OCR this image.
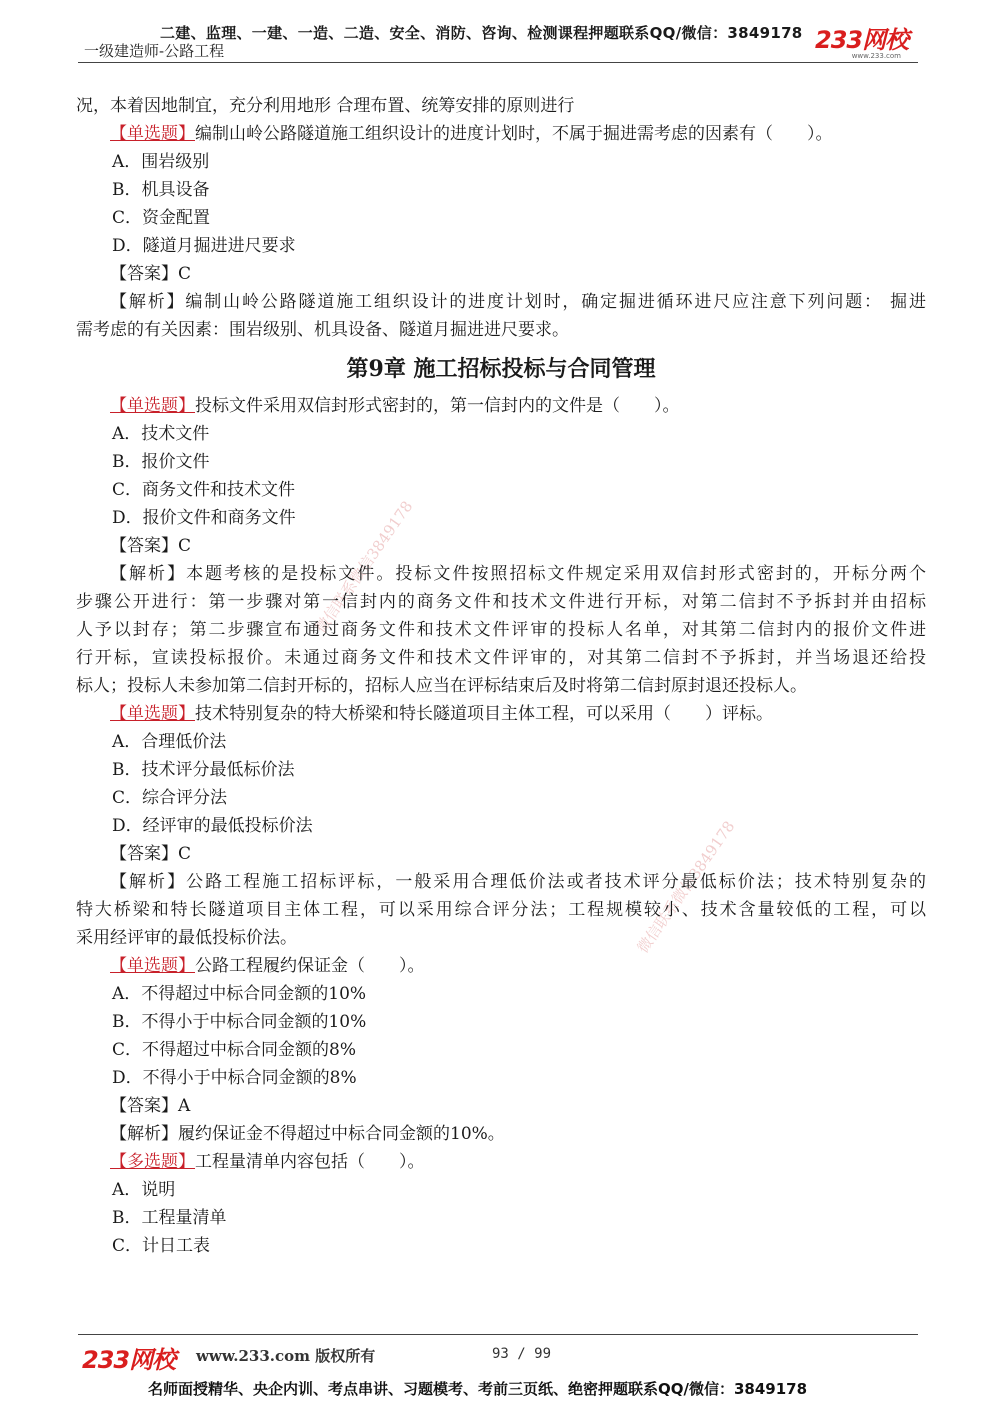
二建、监理、一建、一造、二造、安全、消防、咨询、检测课程押题联系QQ/微信：3849178
一级建造师-公路工程	233网校
www.233.com
微信联系微信3849178
微信联系微信3849178
况，本着因地制宜，充分利用地形 合理布置、统筹安排的原则进行
【单选题】编制山岭公路隧道施工组织设计的进度计划时，不属于掘进需考虑的因素有（　　）。
A．围岩级别
B．机具设备
C．资金配置
D．隧道月掘进进尺要求
【答案】C
【解析】编制山岭公路隧道施工组织设计的进度计划时，确定掘进循环进尺应注意下列问题： 掘进
需考虑的有关因素：围岩级别、机具设备、隧道月掘进进尺要求。
第9章 施工招标投标与合同管理
【单选题】投标文件采用双信封形式密封的，第一信封内的文件是（　　）。
A．技术文件
B．报价文件
C．商务文件和技术文件
D．报价文件和商务文件
【答案】C
【解析】本题考核的是投标文件。投标文件按照招标文件规定采用双信封形式密封的，开标分两个
步骤公开进行：第一步骤对第一信封内的商务文件和技术文件进行开标，对第二信封不予拆封并由招标
人予以封存；第二步骤宣布通过商务文件和技术文件评审的投标人名单，对其第二信封内的报价文件进
行开标，宣读投标报价。未通过商务文件和技术文件评审的，对其第二信封不予拆封，并当场退还给投
标人；投标人未参加第二信封开标的，招标人应当在评标结束后及时将第二信封原封退还投标人。
【单选题】技术特别复杂的特大桥梁和特长隧道项目主体工程，可以采用（　　）评标。
A．合理低价法
B．技术评分最低标价法
C．综合评分法
D．经评审的最低投标价法
【答案】C
【解析】公路工程施工招标评标，一般采用合理低价法或者技术评分最低标价法；技术特别复杂的
特大桥梁和特长隧道项目主体工程，可以采用综合评分法；工程规模较小、技术含量较低的工程，可以
采用经评审的最低投标价法。
【单选题】公路工程履约保证金（　　）。
A．不得超过中标合同金额的10%
B．不得小于中标合同金额的10%
C．不得超过中标合同金额的8%
D．不得小于中标合同金额的8%
【答案】A
【解析】履约保证金不得超过中标合同金额的10%。
【多选题】工程量清单内容包括（　　）。
A．说明
B．工程量清单
C．计日工表
233网校 www.233.com 版权所有	93 / 99
名师面授精华、央企内训、考点串讲、习题模考、考前三页纸、绝密押题联系QQ/微信：3849178
